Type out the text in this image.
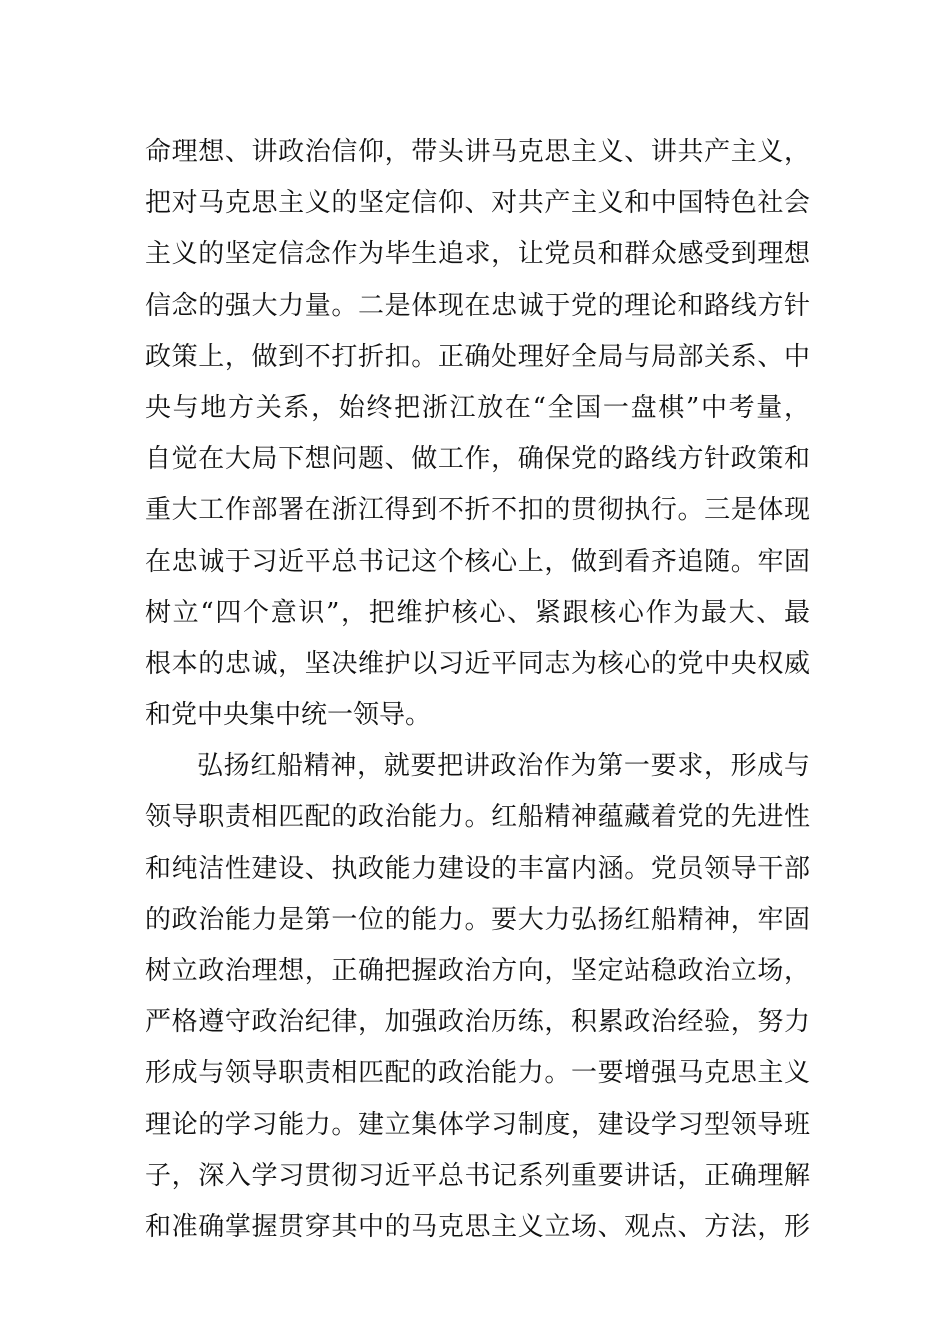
命理想、讲政治信仰，带头讲马克思主义、讲共产主义，
把对马克思主义的坚定信仰、对共产主义和中国特色社会
主义的坚定信念作为毕生追求，让党员和群众感受到理想
信念的强大力量。二是体现在忠诚于党的理论和路线方针
政策上，做到不打折扣。正确处理好全局与局部关系、中
央与地方关系，始终把浙江放在“全国一盘棋”中考量，
自觉在大局下想问题、做工作，确保党的路线方针政策和
重大工作部署在浙江得到不折不扣的贯彻执行。三是体现
在忠诚于习近平总书记这个核心上，做到看齐追随。牢固
树立“四个意识”，把维护核心、紧跟核心作为最大、最
根本的忠诚，坚决维护以习近平同志为核心的党中央权威
和党中央集中统一领导。
弘扬红船精神，就要把讲政治作为第一要求，形成与
领导职责相匹配的政治能力。红船精神蕴藏着党的先进性
和纯洁性建设、执政能力建设的丰富内涵。党员领导干部
的政治能力是第一位的能力。要大力弘扬红船精神，牢固
树立政治理想，正确把握政治方向，坚定站稳政治立场，
严格遵守政治纪律，加强政治历练，积累政治经验，努力
形成与领导职责相匹配的政治能力。一要增强马克思主义
理论的学习能力。建立集体学习制度，建设学习型领导班
子，深入学习贯彻习近平总书记系列重要讲话，正确理解
和准确掌握贯穿其中的马克思主义立场、观点、方法，形
